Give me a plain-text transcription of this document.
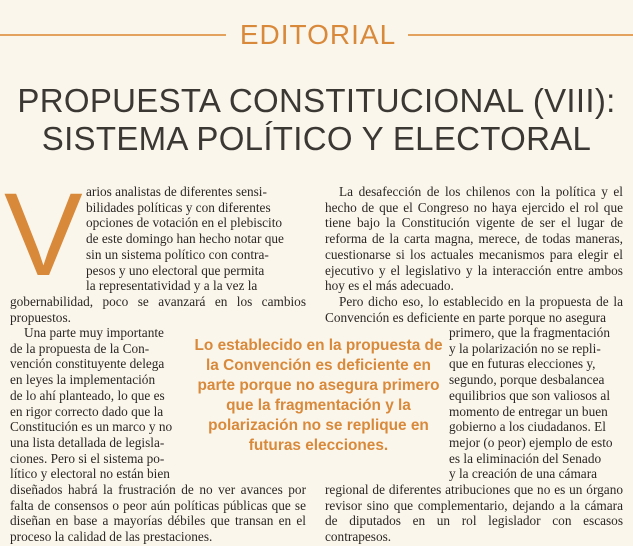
EDITORIAL
PROPUESTA CONSTITUCIONAL (VIII):
SISTEMA POLÍTICO Y ELECTORAL
V arios analistas de diferentes sensi-
bilidades políticas y con diferentes
opciones de votación en el plebiscito
de este domingo han hecho notar que
sin un sistema político con contra-
pesos y uno electoral que permita
la representatividad y a la vez la

gobernabilidad, poco se avanzará en los cambios propuestos.

Una parte muy importante
de la propuesta de la Con-
vención constituyente delega
en leyes la implementación
de lo ahí planteado, lo que es
en rigor correcto dado que la
Constitución es un marco y no
una lista detallada de legisla-
ciones. Pero si el sistema po-
lítico y electoral no están bien

diseñados habrá la frustración de no ver avances por falta de consensos o peor aún políticas públicas que se diseñan en base a mayorías débiles que transan en el proceso la calidad de las prestaciones.

La desafección de los chilenos con la política y el hecho de que el Congreso no haya ejercido el rol que tiene bajo la Constitución vigente de ser el lugar de reforma de la carta magna, merece, de todas maneras, cuestionarse si los actuales mecanismos para elegir el ejecutivo y el legislativo y la interacción entre ambos hoy es el más adecuado.

Pero dicho eso, lo establecido en la propuesta de la Convención es deficiente en parte porque no asegura

primero, que la fragmentación
y la polarización no se repli-
que en futuras elecciones y,
segundo, porque desbalancea
equilibrios que son valiosos al
momento de entregar un buen
gobierno a los ciudadanos. El
mejor (o peor) ejemplo de esto
es la eliminación del Senado
y la creación de una cámara

regional de diferentes atribuciones que no es un órgano revisor sino que complementario, dejando a la cámara de diputados en un rol legislador con escasos contrapesos.

Lo establecido en la propuesta de la Convención es deficiente en parte porque no asegura primero que la fragmentación y la polarización no se replique en futuras elecciones.
